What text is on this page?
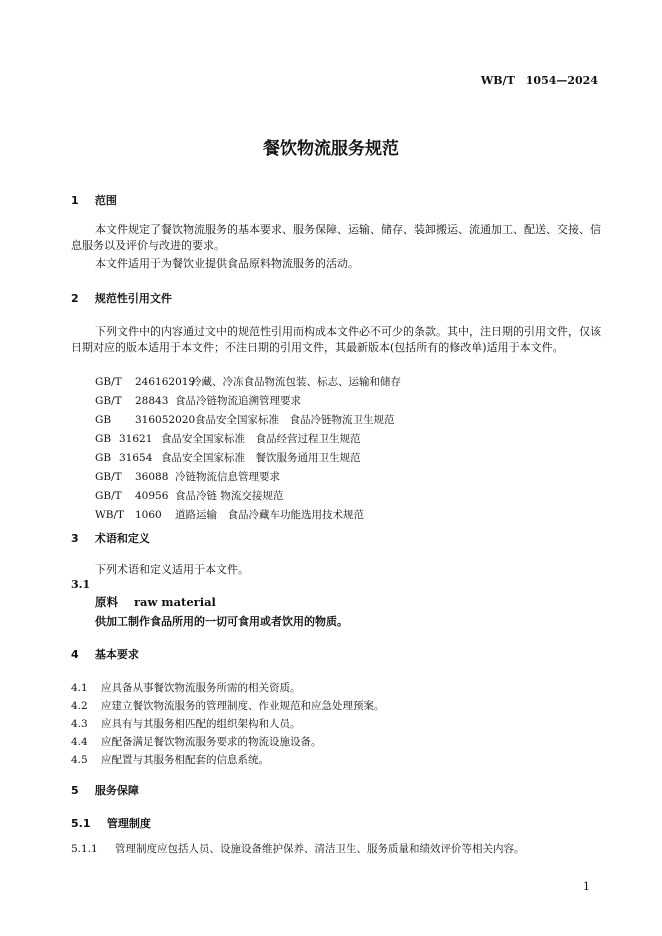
WB/T　1054—2024
餐饮物流服务规范
1 范围
本文件规定了餐饮物流服务的基本要求、服务保障、运输、储存、装卸搬运、流通加工、配送、交接、信息服务以及评价与改进的要求。
本文件适用于为餐饮业提供食品原料物流服务的活动。
2 规范性引用文件
下列文件中的内容通过文中的规范性引用而构成本文件必不可少的条款。其中，注日期的引用文件，仅该日期对应的版本适用于本文件；不注日期的引用文件，其最新版本(包括所有的修改单)适用于本文件。
GB/T 246162019冷藏、冷冻食品物流包装、标志、运输和储存
GB/T 28843 食品冷链物流追溯管理要求
GB 316052020食品安全国家标准　食品冷链物流卫生规范
GB 31621 食品安全国家标准　食品经营过程卫生规范
GB 31654 食品安全国家标准　餐饮服务通用卫生规范
GB/T 36088 冷链物流信息管理要求
GB/T 40956 食品冷链 物流交接规范
WB/T 1060 道路运输　食品冷藏车功能选用技术规范
3 术语和定义
下列术语和定义适用于本文件。
3.1
原料 raw material
供加工制作食品所用的一切可食用或者饮用的物质。
4 基本要求
4.1 应具备从事餐饮物流服务所需的相关资质。
4.2 应建立餐饮物流服务的管理制度、作业规范和应急处理预案。
4.3 应具有与其服务相匹配的组织架构和人员。
4.4 应配备满足餐饮物流服务要求的物流设施设备。
4.5 应配置与其服务相配套的信息系统。
5 服务保障
5.1 管理制度
5.1.1 管理制度应包括人员、设施设备维护保养、清洁卫生、服务质量和绩效评价等相关内容。
1
